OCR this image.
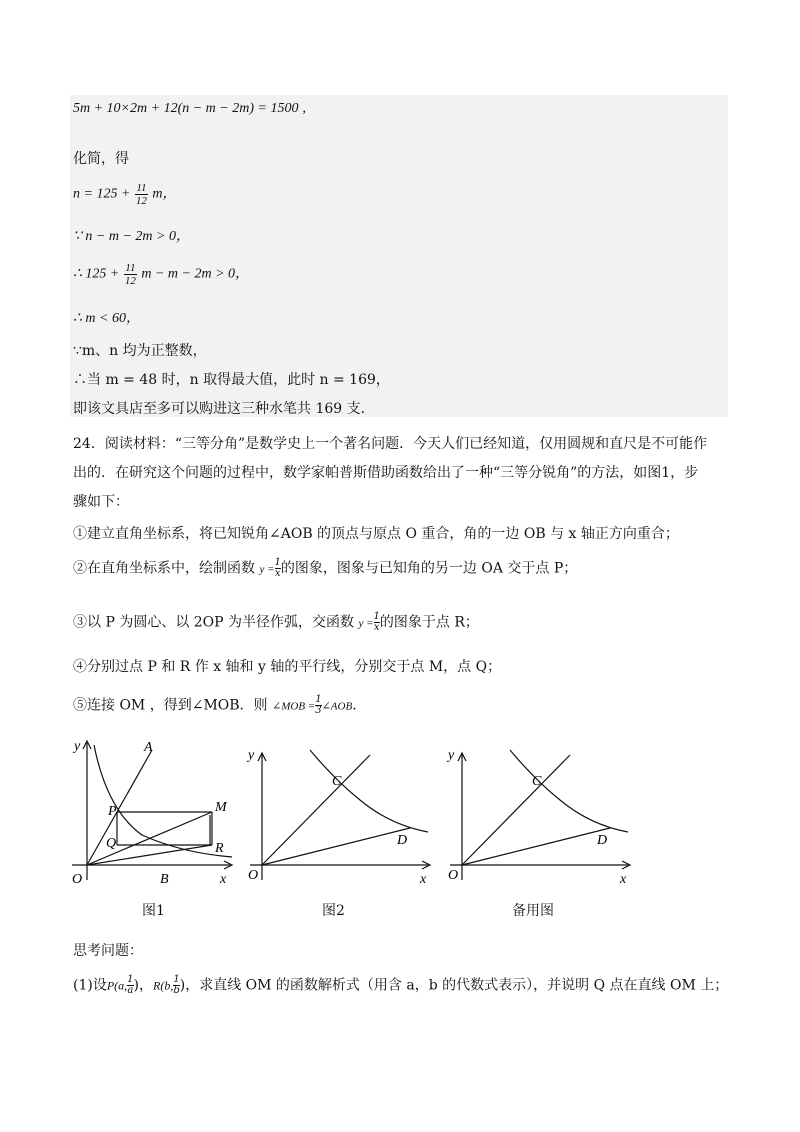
5m + 10×2m + 12(n − m − 2m) = 1500 ,
化简，得
$n = 125 + \frac{11}{12}$ m，
∵ n − m − 2m > 0，
∴ $125 + \frac{11}{12}$ m − m − 2m > 0，
∴ m < 60，
∵m、n 均为正整数，
∴当 m = 48 时，n 取得最大值，此时 n = 169，
即该文具店至多可以购进这三种水笔共 169 支.
24．阅读材料：“三等分角”是数学史上一个著名问题．今天人们已经知道，仅用圆规和直尺是不可能作
出的．在研究这个问题的过程中，数学家帕普斯借助函数给出了一种“三等分锐角”的方法，如图1，步
骤如下：
①建立直角坐标系，将已知锐角∠AOB 的顶点与原点 O 重合，角的一边 OB 与 x 轴正方向重合；
②在直角坐标系中，绘制函数 $y = \frac{1}{x}$ 的图象，图象与已知角的另一边 OA 交于点 P；
③以 P 为圆心、以 2OP 为半径作弧，交函数 $y = \frac{1}{x}$ 的图象于点 R；
④分别过点 P 和 R 作 x 轴和 y 轴的平行线，分别交于点 M，点 Q；
⑤连接 OM ，得到∠MOB．则 ∠MOB = $\frac{1}{3}$ ∠AOB．
y
x
O
A
B
P	M
Q	R
图1
y
x
O
C
D
图2
y
x
O
C
D
备用图
思考问题：
(1)设P(a, $\frac{1}{a}$ )，R(b, $\frac{1}{b}$ )，求直线 OM 的函数解析式（用含 a，b 的代数式表示），并说明 Q 点在直线 OM 上；
